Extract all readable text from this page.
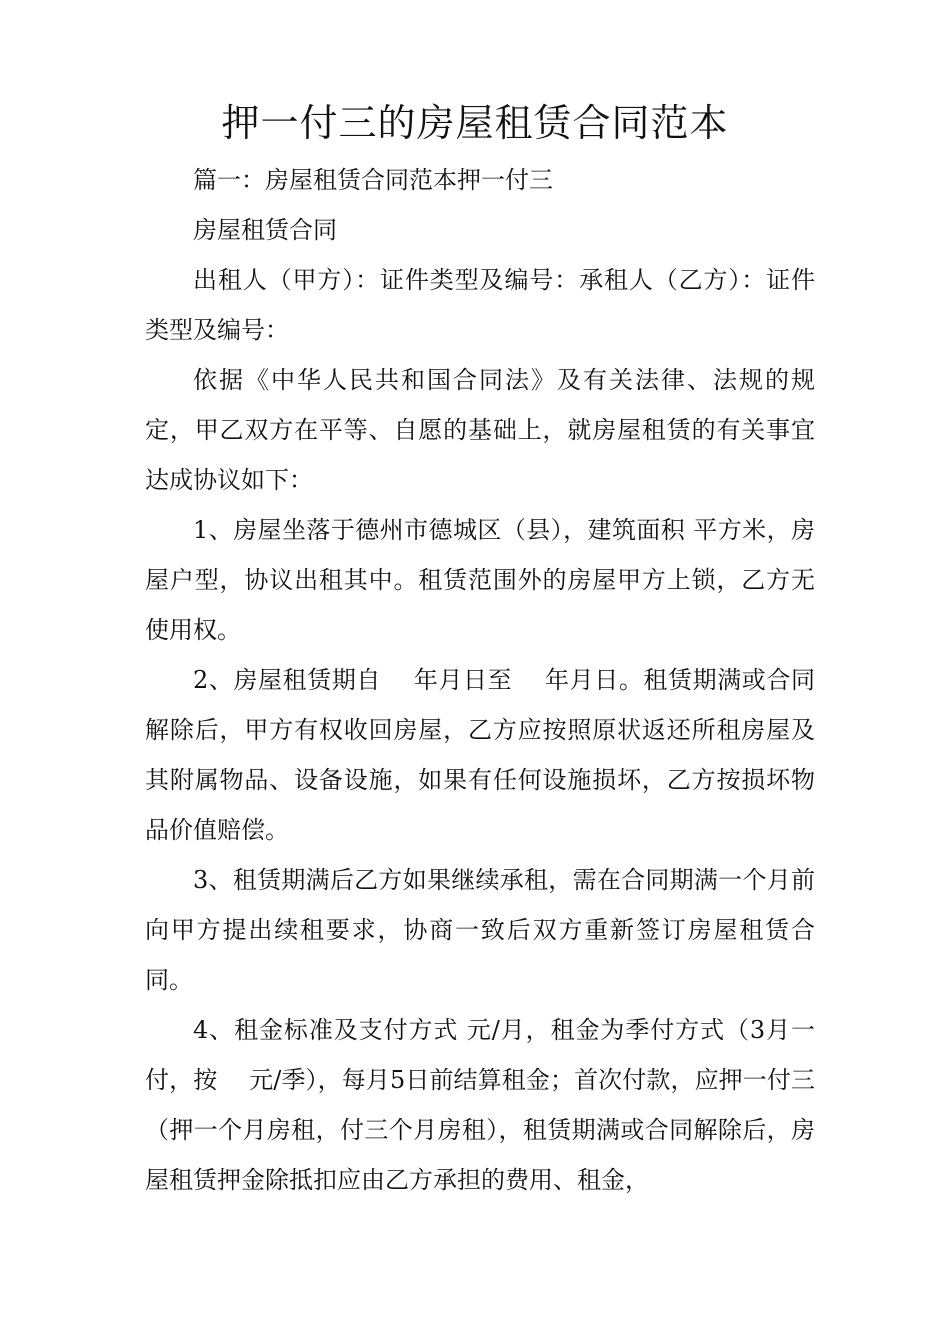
押一付三的房屋租赁合同范本

篇一：房屋租赁合同范本押一付三

房屋租赁合同

出租人（甲方）：证件类型及编号：承租人（乙方）：证件类型及编号：

依据《中华人民共和国合同法》及有关法律、法规的规定，甲乙双方在平等、自愿的基础上，就房屋租赁的有关事宜达成协议如下：

1、房屋坐落于德州市德城区（县），建筑面积 平方米，房屋户型，协议出租其中。租赁范围外的房屋甲方上锁，乙方无使用权。

2、房屋租赁期自　 年月日至　 年月日。租赁期满或合同解除后，甲方有权收回房屋，乙方应按照原状返还所租房屋及其附属物品、设备设施，如果有任何设施损坏，乙方按损坏物品价值赔偿。

3、租赁期满后乙方如果继续承租，需在合同期满一个月前向甲方提出续租要求，协商一致后双方重新签订房屋租赁合同。

4、租金标准及支付方式 元/月，租金为季付方式（3月一付，按　 元/季），每月5日前结算租金；首次付款，应押一付三（押一个月房租，付三个月房租），租赁期满或合同解除后，房屋租赁押金除抵扣应由乙方承担的费用、租金，
